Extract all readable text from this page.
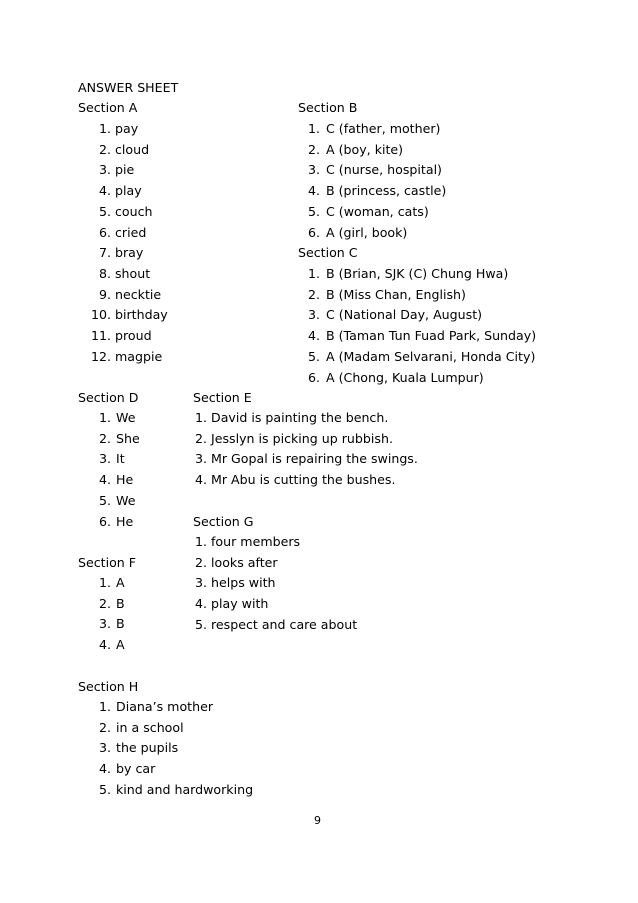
ANSWER SHEET
Section A	Section B
Section C
Section D	Section E
Section G
Section F
Section H
1. pay
2. cloud
3. pie
4. play
5. couch
6. cried
7. bray
8. shout
9. necktie
10. birthday
11. proud
12. magpie
1. C (father, mother)
2. A (boy, kite)
3. C (nurse, hospital)
4. B (princess, castle)
5. C (woman, cats)
6. A (girl, book)
1. B (Brian, SJK (C) Chung Hwa)
2. B (Miss Chan, English)
3. C (National Day, August)
4. B (Taman Tun Fuad Park, Sunday)
5. A (Madam Selvarani, Honda City)
6. A (Chong, Kuala Lumpur)
1. We
2. She
3. It
4. He
5. We
6. He
1. David is painting the bench.
2. Jesslyn is picking up rubbish.
3. Mr Gopal is repairing the swings.
4. Mr Abu is cutting the bushes.
1. A
2. B
3. B
4. A
1. four members
2. looks after
3. helps with
4. play with
5. respect and care about
1. Diana’s mother
2. in a school
3. the pupils
4. by car
5. kind and hardworking
9
